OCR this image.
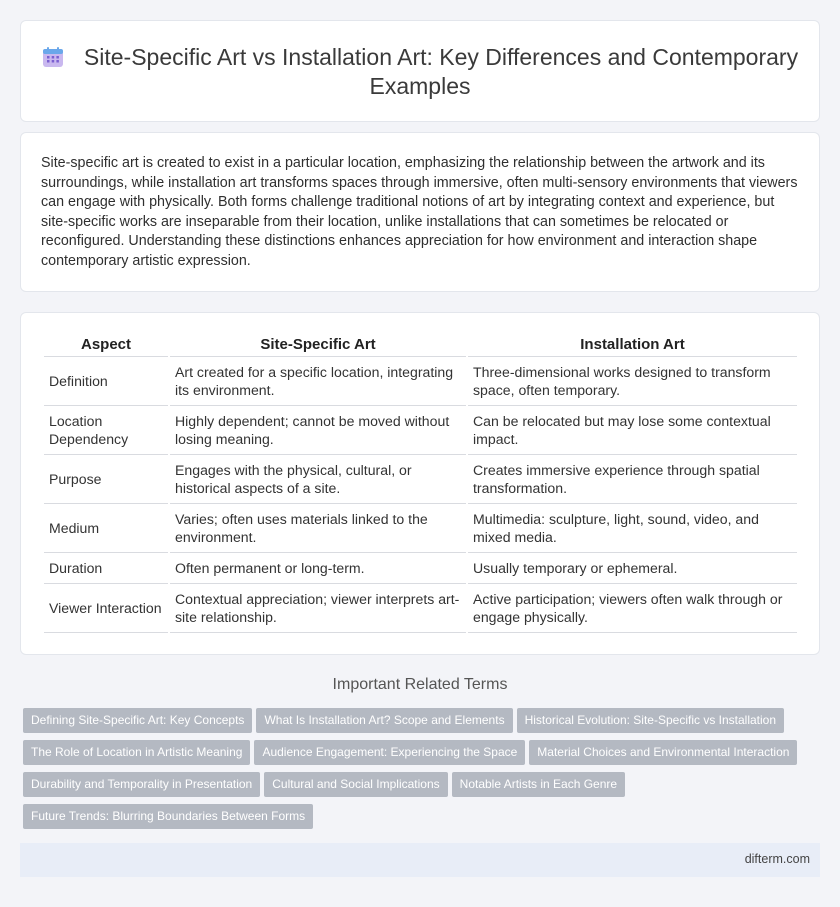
Site-Specific Art vs Installation Art: Key Differences and Contemporary Examples

Site-specific art is created to exist in a particular location, emphasizing the relationship between the artwork and its surroundings, while installation art transforms spaces through immersive, often multi-sensory environments that viewers can engage with physically. Both forms challenge traditional notions of art by integrating context and experience, but site-specific works are inseparable from their location, unlike installations that can sometimes be relocated or reconfigured. Understanding these distinctions enhances appreciation for how environment and interaction shape contemporary artistic expression.

Aspect	Site-Specific Art	Installation Art
Definition	Art created for a specific location, integrating its environment.	Three-dimensional works designed to transform space, often temporary.
Location Dependency	Highly dependent; cannot be moved without losing meaning.	Can be relocated but may lose some contextual impact.
Purpose	Engages with the physical, cultural, or historical aspects of a site.	Creates immersive experience through spatial transformation.
Medium	Varies; often uses materials linked to the environment.	Multimedia: sculpture, light, sound, video, and mixed media.
Duration	Often permanent or long-term.	Usually temporary or ephemeral.
Viewer Interaction	Contextual appreciation; viewer interprets art-site relationship.	Active participation; viewers often walk through or engage physically.
Important Related Terms
Defining Site-Specific Art: Key Concepts What Is Installation Art? Scope and Elements Historical Evolution: Site-Specific vs Installation
The Role of Location in Artistic Meaning Audience Engagement: Experiencing the Space Material Choices and Environmental Interaction
Durability and Temporality in Presentation Cultural and Social Implications Notable Artists in Each Genre
Future Trends: Blurring Boundaries Between Forms
difterm.com
